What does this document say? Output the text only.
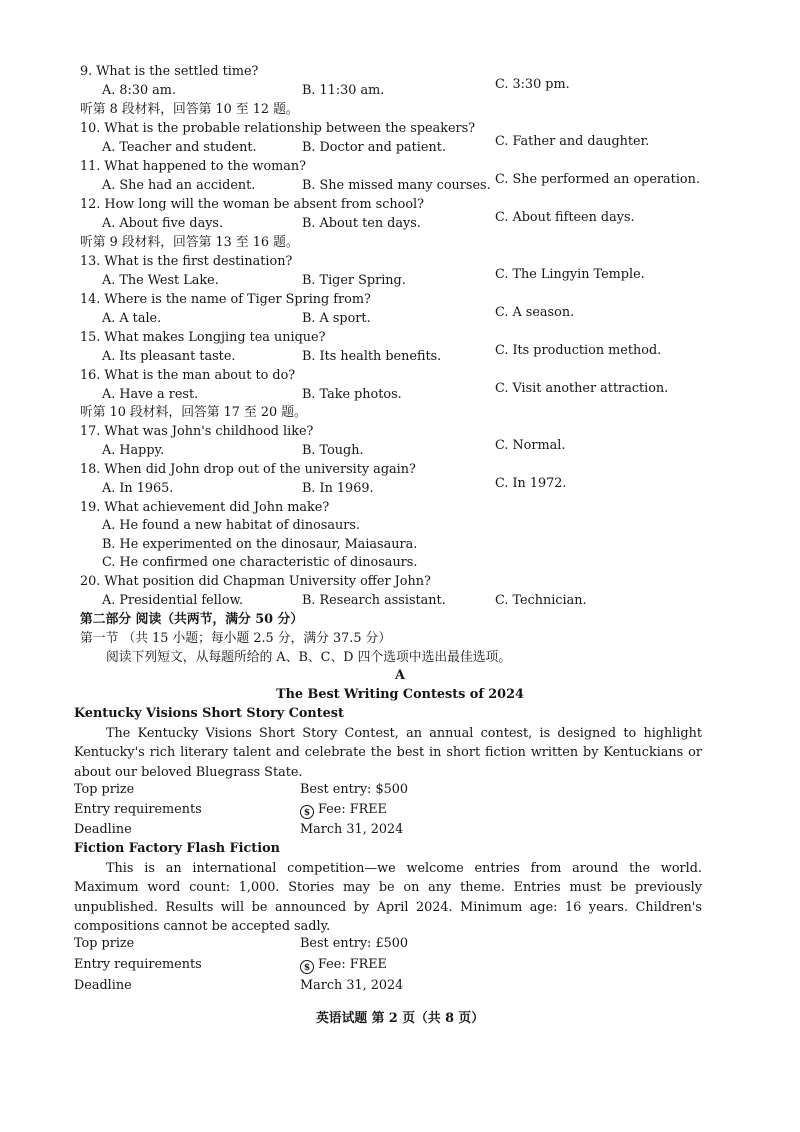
9. What is the settled time?
A. 8:30 am.	B. 11:30 am.	C. 3:30 pm.
听第 8 段材料，回答第 10 至 12 题。
10. What is the probable relationship between the speakers?
A. Teacher and student.	B. Doctor and patient.	C. Father and daughter.
11. What happened to the woman?
A. She had an accident.	B. She missed many courses. C. She performed an operation.
12. How long will the woman be absent from school?
A. About five days.	B. About ten days.	C. About fifteen days.
听第 9 段材料，回答第 13 至 16 题。
13. What is the first destination?
A. The West Lake.	B. Tiger Spring.	C. The Lingyin Temple.
14. Where is the name of Tiger Spring from?
A. A tale.	B. A sport.	C. A season.
15. What makes Longjing tea unique?
A. Its pleasant taste.	B. Its health benefits.	C. Its production method.
16. What is the man about to do?
A. Have a rest.	B. Take photos.	C. Visit another attraction.
听第 10 段材料，回答第 17 至 20 题。
17. What was John's childhood like?
A. Happy.	B. Tough.	C. Normal.
18. When did John drop out of the university again?
A. In 1965.	B. In 1969.	C. In 1972.
19. What achievement did John make?
A. He found a new habitat of dinosaurs.
B. He experimented on the dinosaur, Maiasaura.
C. He confirmed one characteristic of dinosaurs.
20. What position did Chapman University offer John?
A. Presidential fellow.	B. Research assistant.	C. Technician.
第二部分 阅读（共两节，满分 50 分）
第一节 （共 15 小题；每小题 2.5 分，满分 37.5 分）
阅读下列短文，从每题所给的 A、B、C、D 四个选项中选出最佳选项。
A
The Best Writing Contests of 2024
Kentucky Visions Short Story Contest
The Kentucky Visions Short Story Contest, an annual contest, is designed to highlight Kentucky's rich literary talent and celebrate the best in short fiction written by Kentuckians or about our beloved Bluegrass State.
Top prize	Best entry: $500
Entry requirements	$ Fee: FREE
Deadline	March 31, 2024
Fiction Factory Flash Fiction
This is an international competition—we welcome entries from around the world. Maximum word count: 1,000. Stories may be on any theme. Entries must be previously unpublished. Results will be announced by April 2024. Minimum age: 16 years. Children's compositions cannot be accepted sadly.
Top prize	Best entry: £500
Entry requirements	$ Fee: FREE
Deadline	March 31, 2024
英语试题 第 2 页（共 8 页）
